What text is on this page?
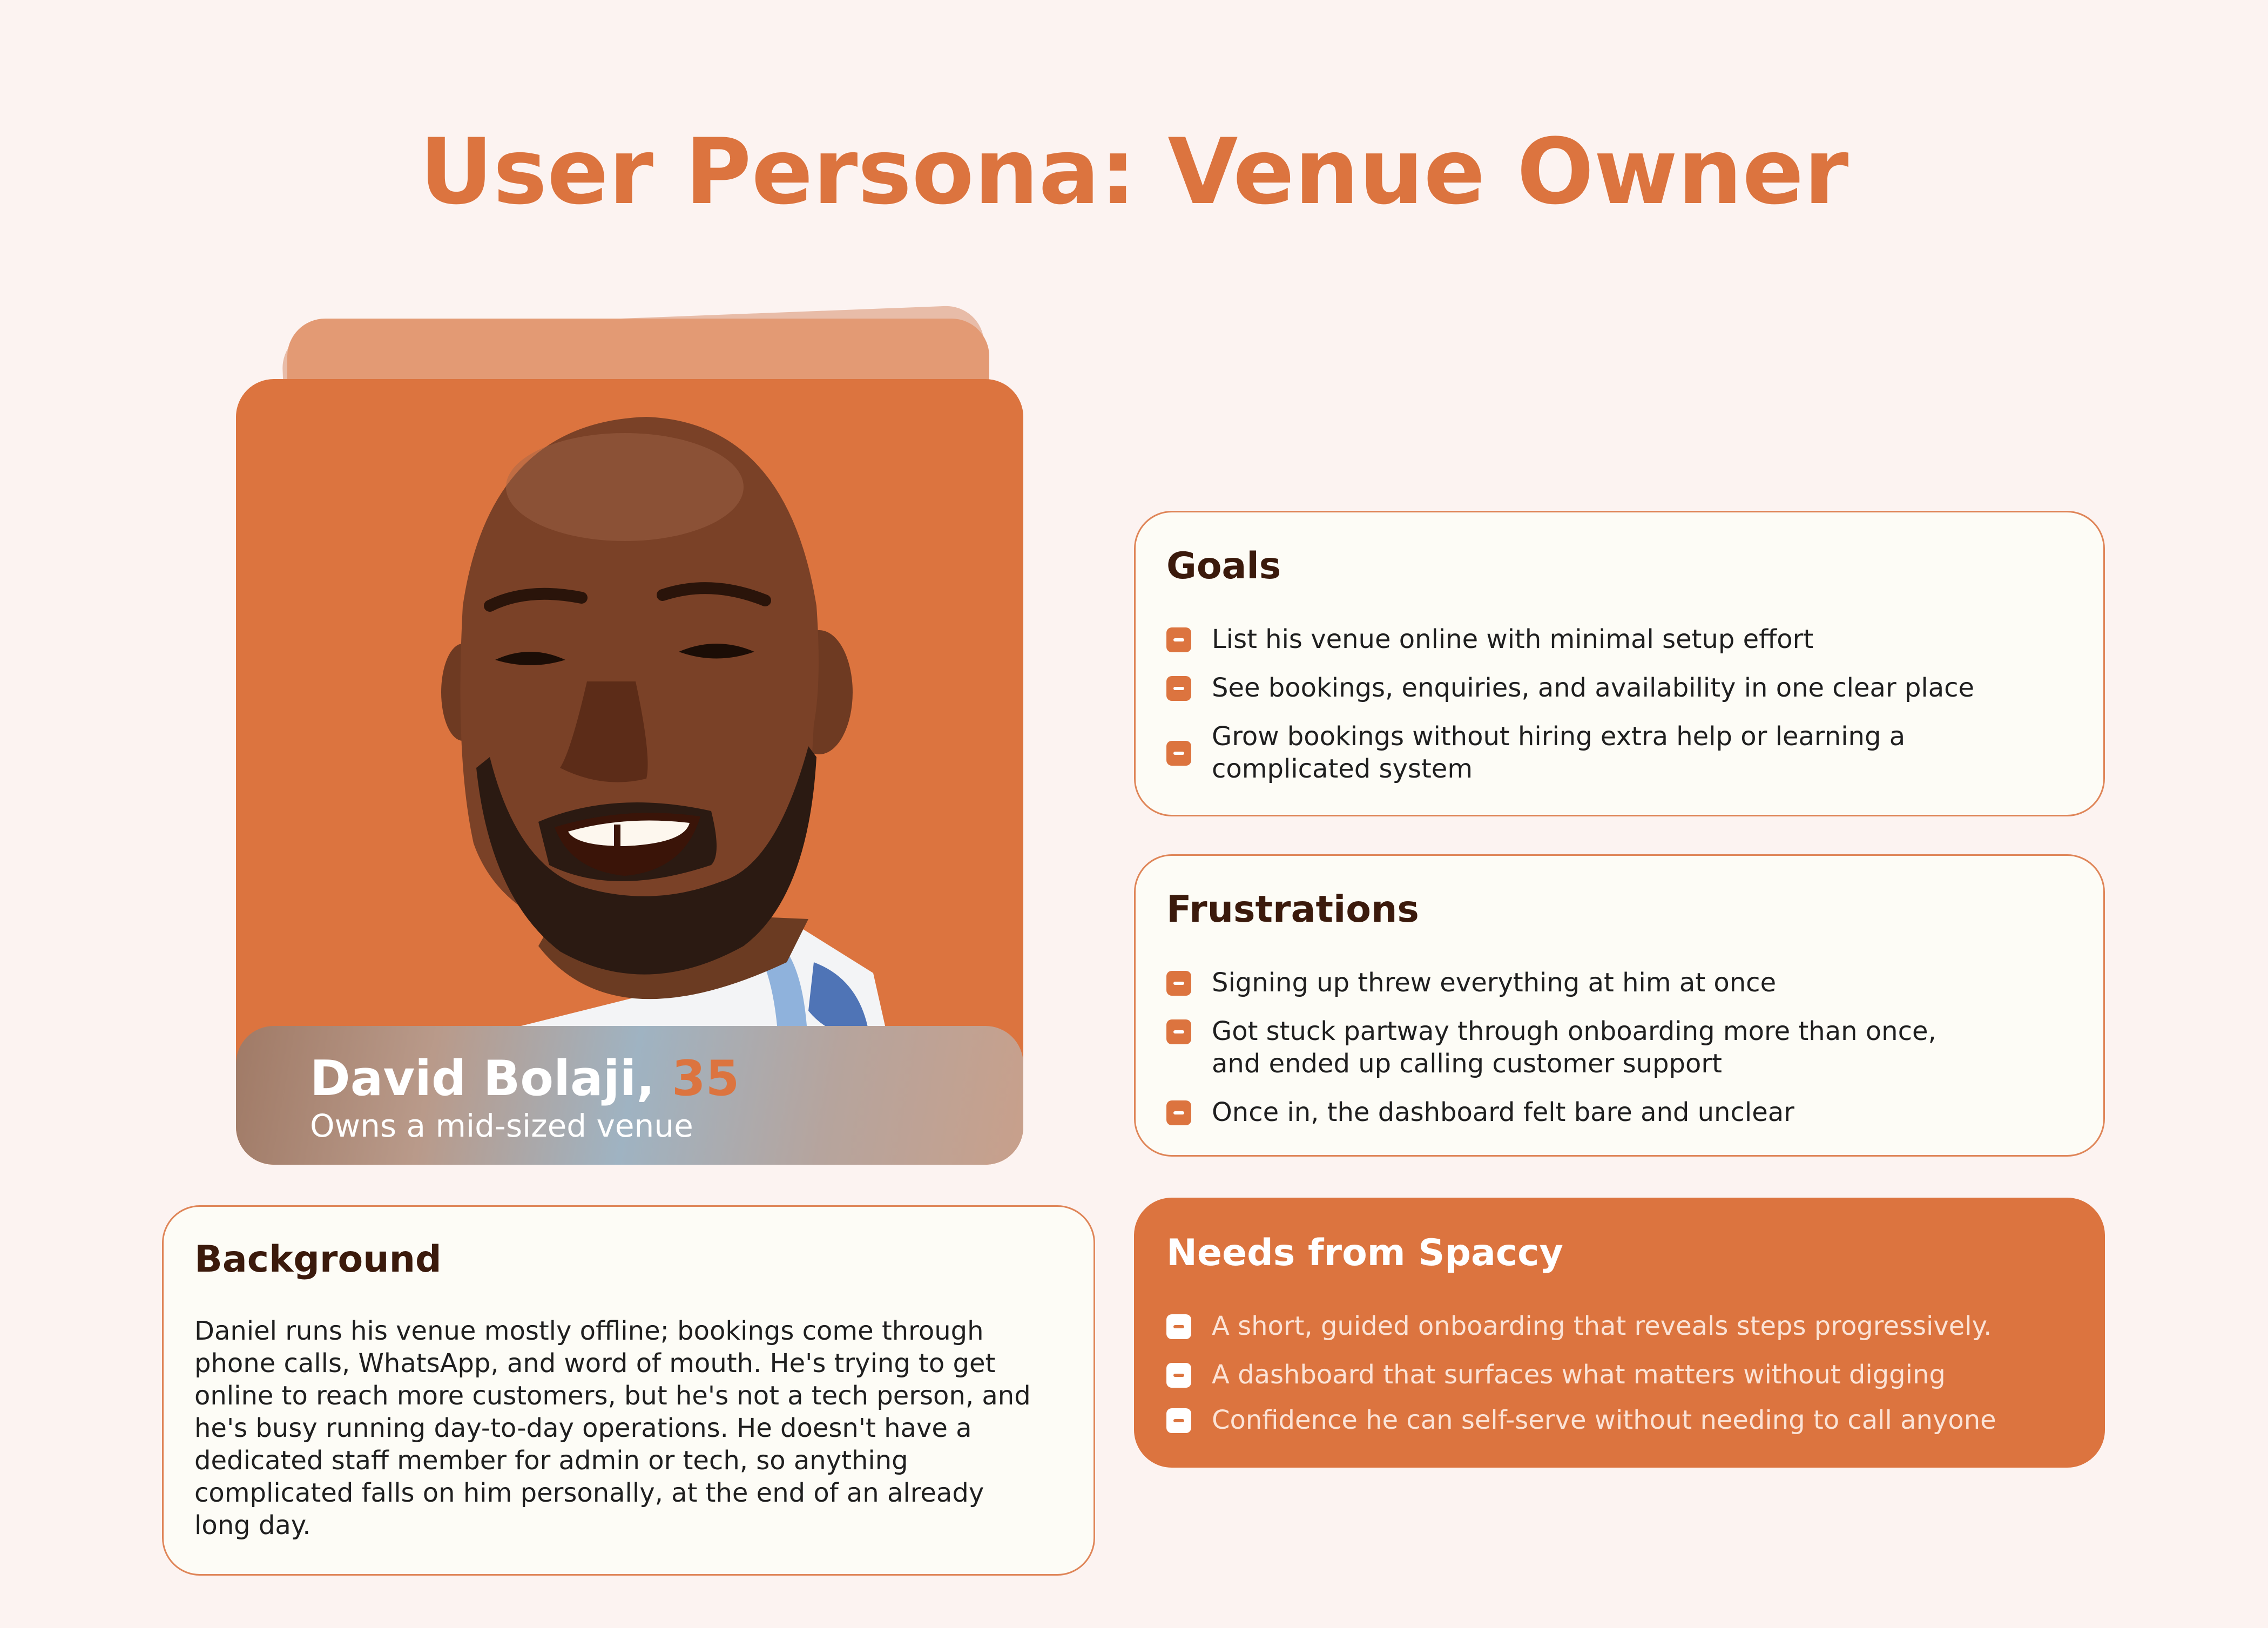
User Persona: Venue Owner
David Bolaji, 35
Owns a mid-sized venue
Goals
List his venue online with minimal setup effort
See bookings, enquiries, and availability in one clear place
Grow bookings without hiring extra help or learning a complicated system
Frustrations
Signing up threw everything at him at once
Got stuck partway through onboarding more than once, and ended up calling customer support
Once in, the dashboard felt bare and unclear
Needs from Spaccy
A short, guided onboarding that reveals steps progressively.
A dashboard that surfaces what matters without digging
Confidence he can self-serve without needing to call anyone
Background

Daniel runs his venue mostly offline; bookings come through phone calls, WhatsApp, and word of mouth. He's trying to get online to reach more customers, but he's not a tech person, and he's busy running day-to-day operations. He doesn't have a dedicated staff member for admin or tech, so anything complicated falls on him personally, at the end of an already long day.
